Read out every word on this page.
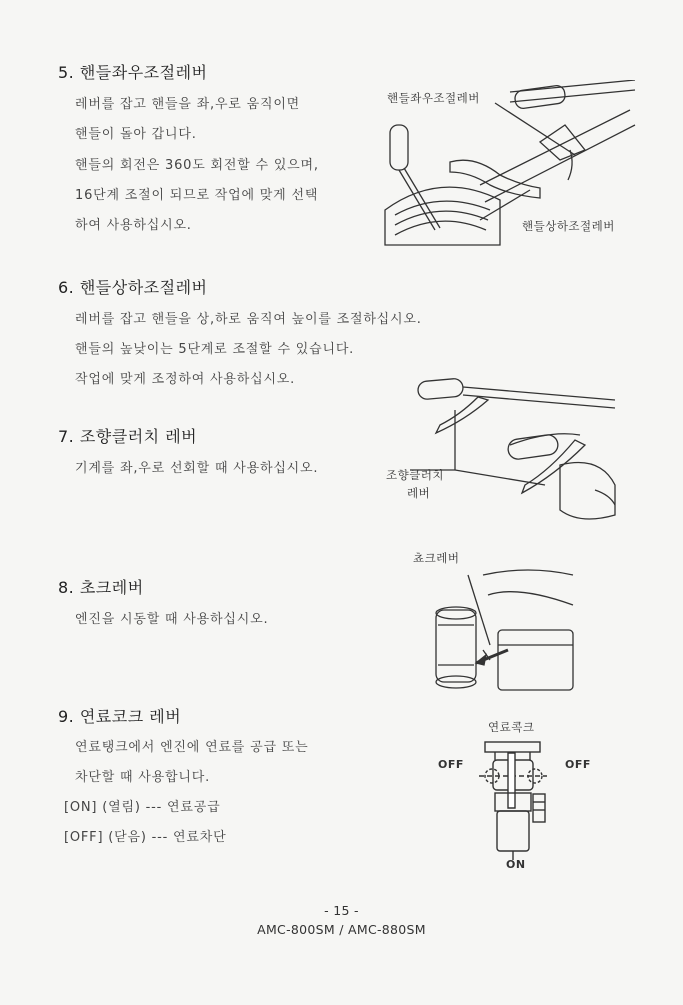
5. 핸들좌우조절레버

레버를 잡고 핸들을 좌,우로 움직이면

핸들이 돌아 갑니다.

핸들의 회전은 360도 회전할 수 있으며,

16단계 조절이 되므로 작업에 맞게 선택

하여 사용하십시오.

6. 핸들상하조절레버

레버를 잡고 핸들을 상,하로 움직여 높이를 조절하십시오.

핸들의 높낮이는 5단계로 조절할 수 있습니다.

작업에 맞게 조정하여 사용하십시오.

7. 조향클러치 레버

기계를 좌,우로 선회할 때 사용하십시오.

8. 초크레버

엔진을 시동할 때 사용하십시오.

9. 연료코크 레버

연료탱크에서 엔진에 연료를 공급 또는

차단할 때 사용합니다.

[ON] (열림) --- 연료공급

[OFF] (닫음) --- 연료차단

핸들좌우조절레버
핸들상하조절레버
조향클러치
레버
쵸크레버
연료콕크
OFF	OFF
ON
- 15 -
AMC-800SM / AMC-880SM
